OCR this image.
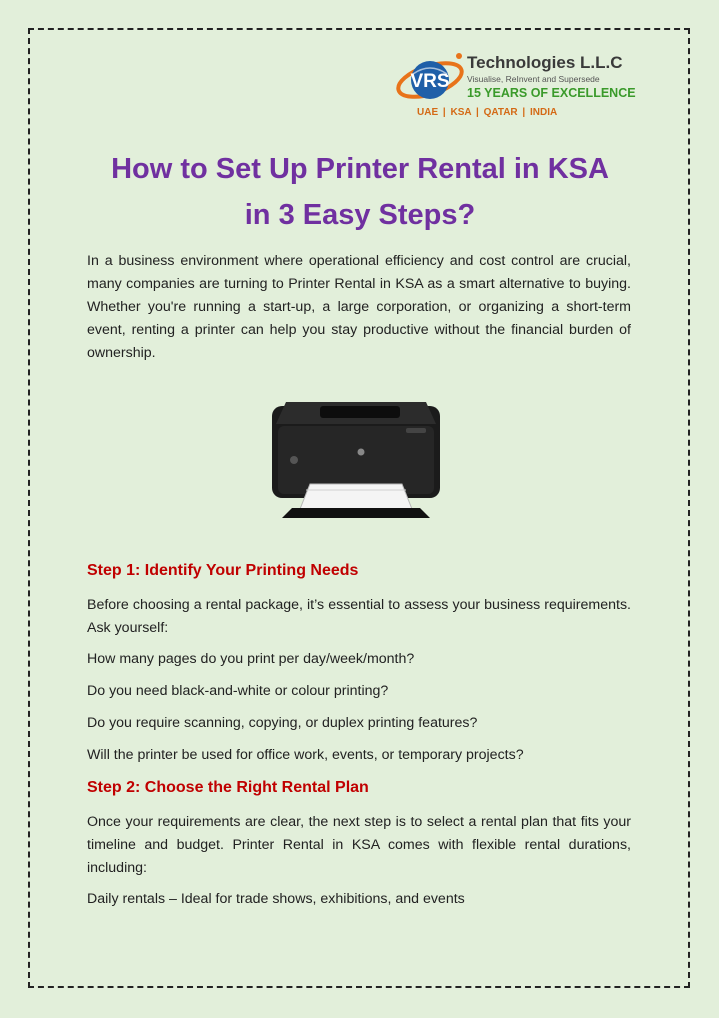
VRS
Technologies L.L.C
Visualise, ReInvent and Supersede
15 YEARS OF EXCELLENCE
UAE | KSA | QATAR | INDIA
How to Set Up Printer Rental in KSA
in 3 Easy Steps?

In a business environment where operational efficiency and cost control are crucial, many companies are turning to Printer Rental in KSA as a smart alternative to buying. Whether you're running a start-up, a large corporation, or organizing a short-term event, renting a printer can help you stay productive without the financial burden of ownership.

Step 1: Identify Your Printing Needs

Before choosing a rental package, it’s essential to assess your business requirements. Ask yourself:

How many pages do you print per day/week/month?

Do you need black-and-white or colour printing?

Do you require scanning, copying, or duplex printing features?

Will the printer be used for office work, events, or temporary projects?

Step 2: Choose the Right Rental Plan

Once your requirements are clear, the next step is to select a rental plan that fits your timeline and budget. Printer Rental in KSA comes with flexible rental durations, including:

Daily rentals – Ideal for trade shows, exhibitions, and events
